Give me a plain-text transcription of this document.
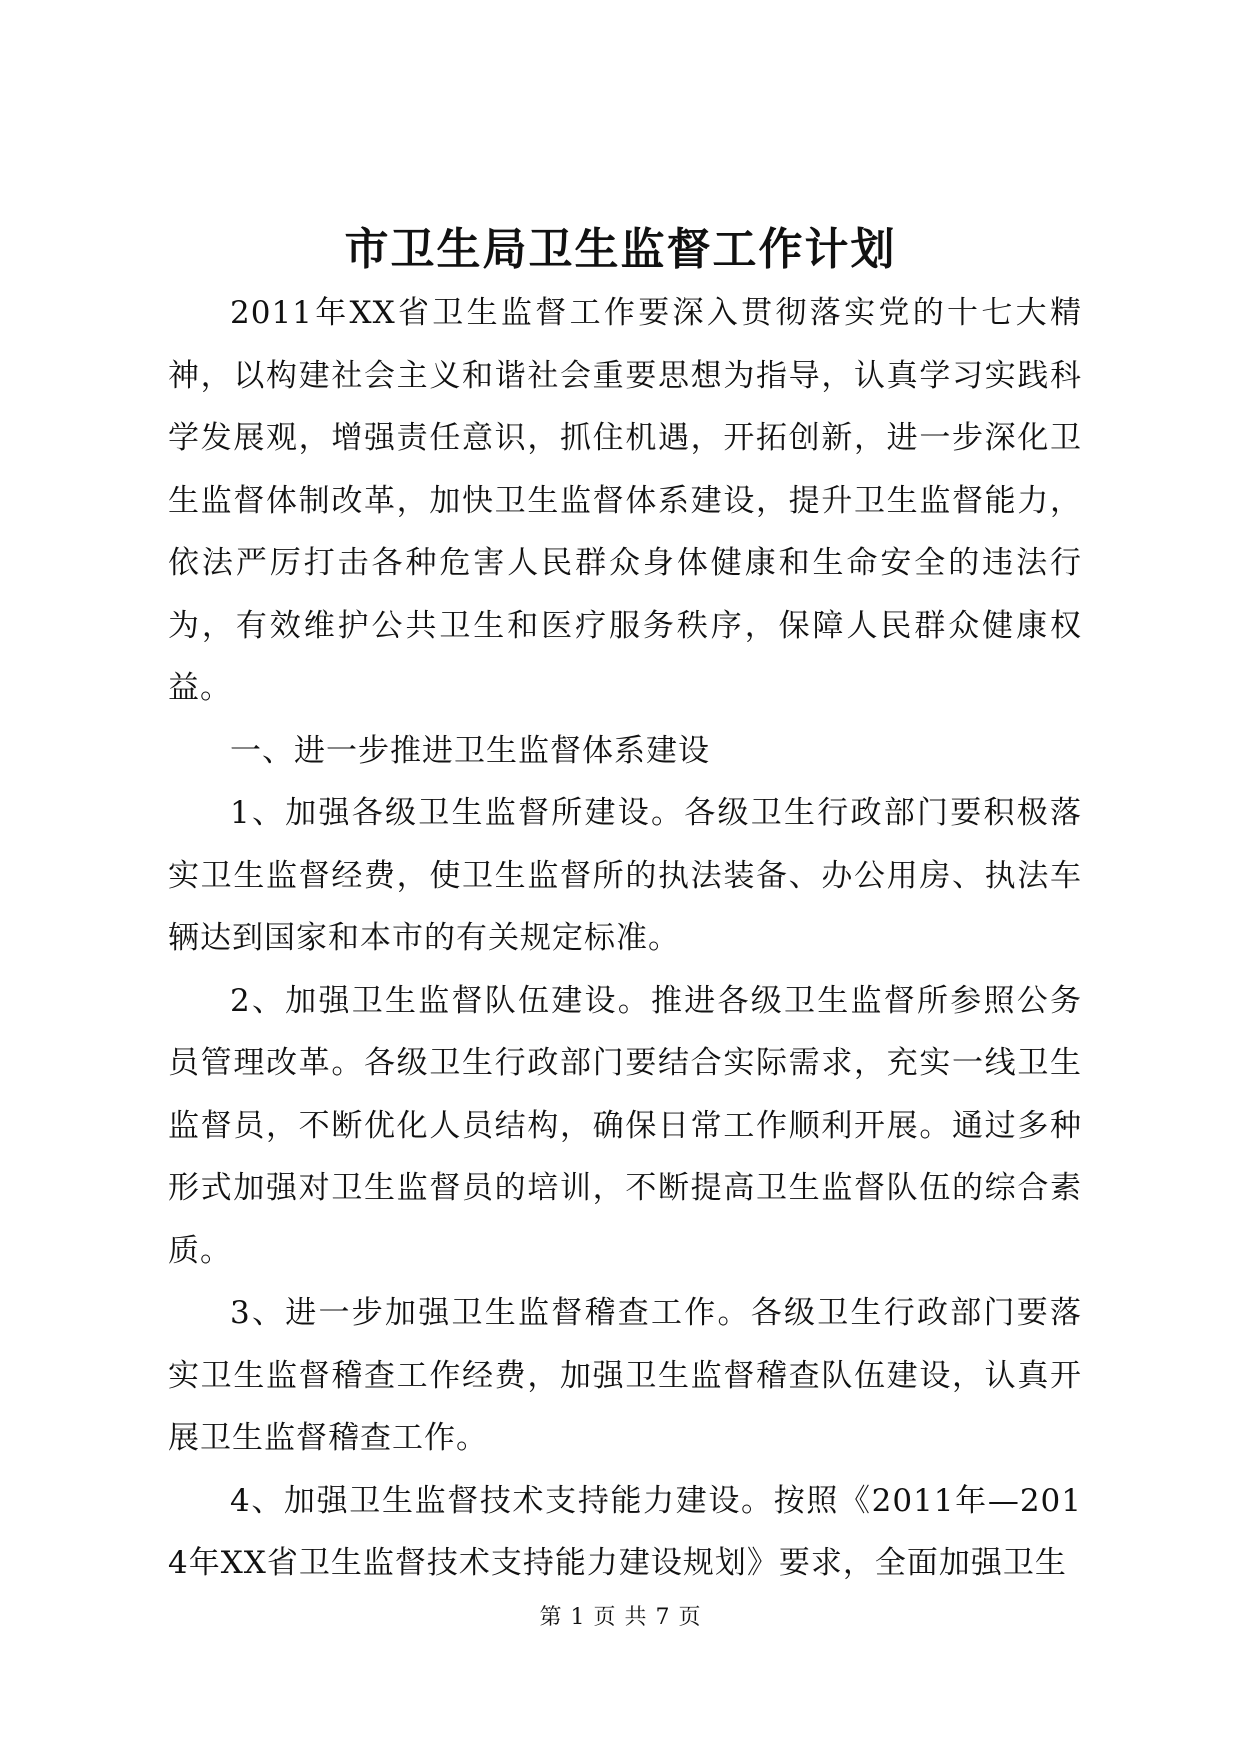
市卫生局卫生监督工作计划

2011年XX省卫生监督工作要深入贯彻落实党的十七大精神，以构建社会主义和谐社会重要思想为指导，认真学习实践科学发展观，增强责任意识，抓住机遇，开拓创新，进一步深化卫生监督体制改革，加快卫生监督体系建设，提升卫生监督能力，依法严厉打击各种危害人民群众身体健康和生命安全的违法行为，有效维护公共卫生和医疗服务秩序，保障人民群众健康权益。

一、进一步推进卫生监督体系建设

1、加强各级卫生监督所建设。各级卫生行政部门要积极落实卫生监督经费，使卫生监督所的执法装备、办公用房、执法车辆达到国家和本市的有关规定标准。

2、加强卫生监督队伍建设。推进各级卫生监督所参照公务员管理改革。各级卫生行政部门要结合实际需求，充实一线卫生监督员，不断优化人员结构，确保日常工作顺利开展。通过多种形式加强对卫生监督员的培训，不断提高卫生监督队伍的综合素质。

3、进一步加强卫生监督稽查工作。各级卫生行政部门要落实卫生监督稽查工作经费，加强卫生监督稽查队伍建设，认真开展卫生监督稽查工作。

4、加强卫生监督技术支持能力建设。按照《2011年—2014年XX省卫生监督技术支持能力建设规划》要求，全面加强卫生

第 1 页 共 7 页
